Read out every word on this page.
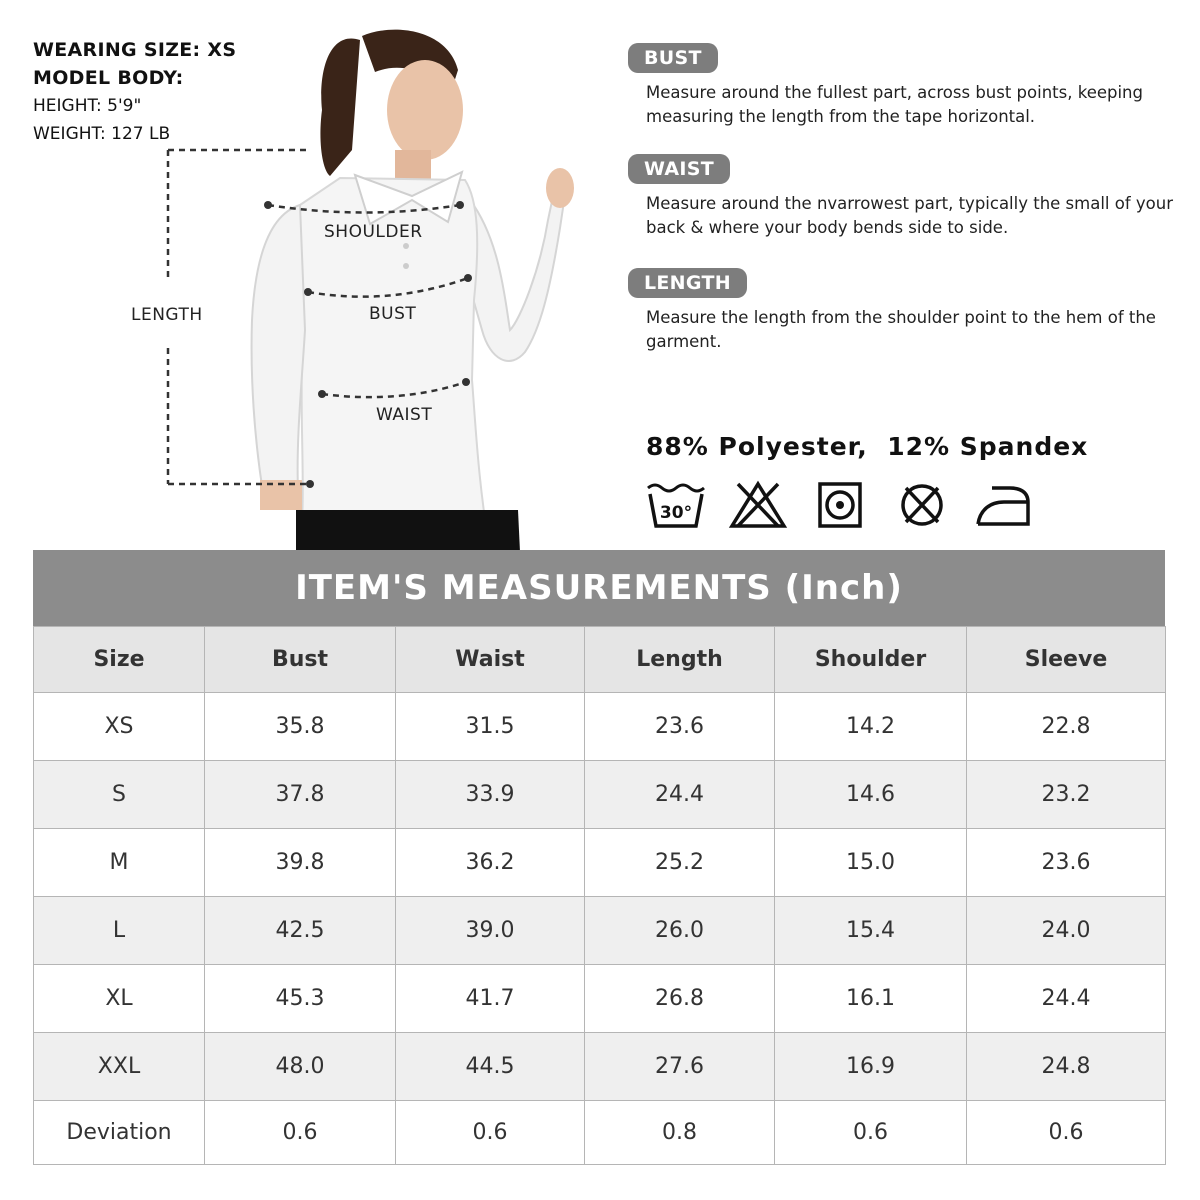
WEARING SIZE: XS
MODEL BODY:
HEIGHT: 5'9"
WEIGHT: 127 LB
SHOULDER
BUST
WAIST
LENGTH
BUST
Measure around the fullest part, across bust points, keeping measuring the length from the tape horizontal.
WAIST
Measure around the nvarrowest part, typically the small of your back & where your body bends side to side.
LENGTH
Measure the length from the shoulder point to the hem of the garment.
88% Polyester,  12% Spandex
30°
ITEM'S MEASUREMENTS (Inch)
Size	Bust	Waist	Length	Shoulder	Sleeve
XS	35.8	31.5	23.6	14.2	22.8
S	37.8	33.9	24.4	14.6	23.2
M	39.8	36.2	25.2	15.0	23.6
L	42.5	39.0	26.0	15.4	24.0
XL	45.3	41.7	26.8	16.1	24.4
XXL	48.0	44.5	27.6	16.9	24.8
Deviation	0.6	0.6	0.8	0.6	0.6
